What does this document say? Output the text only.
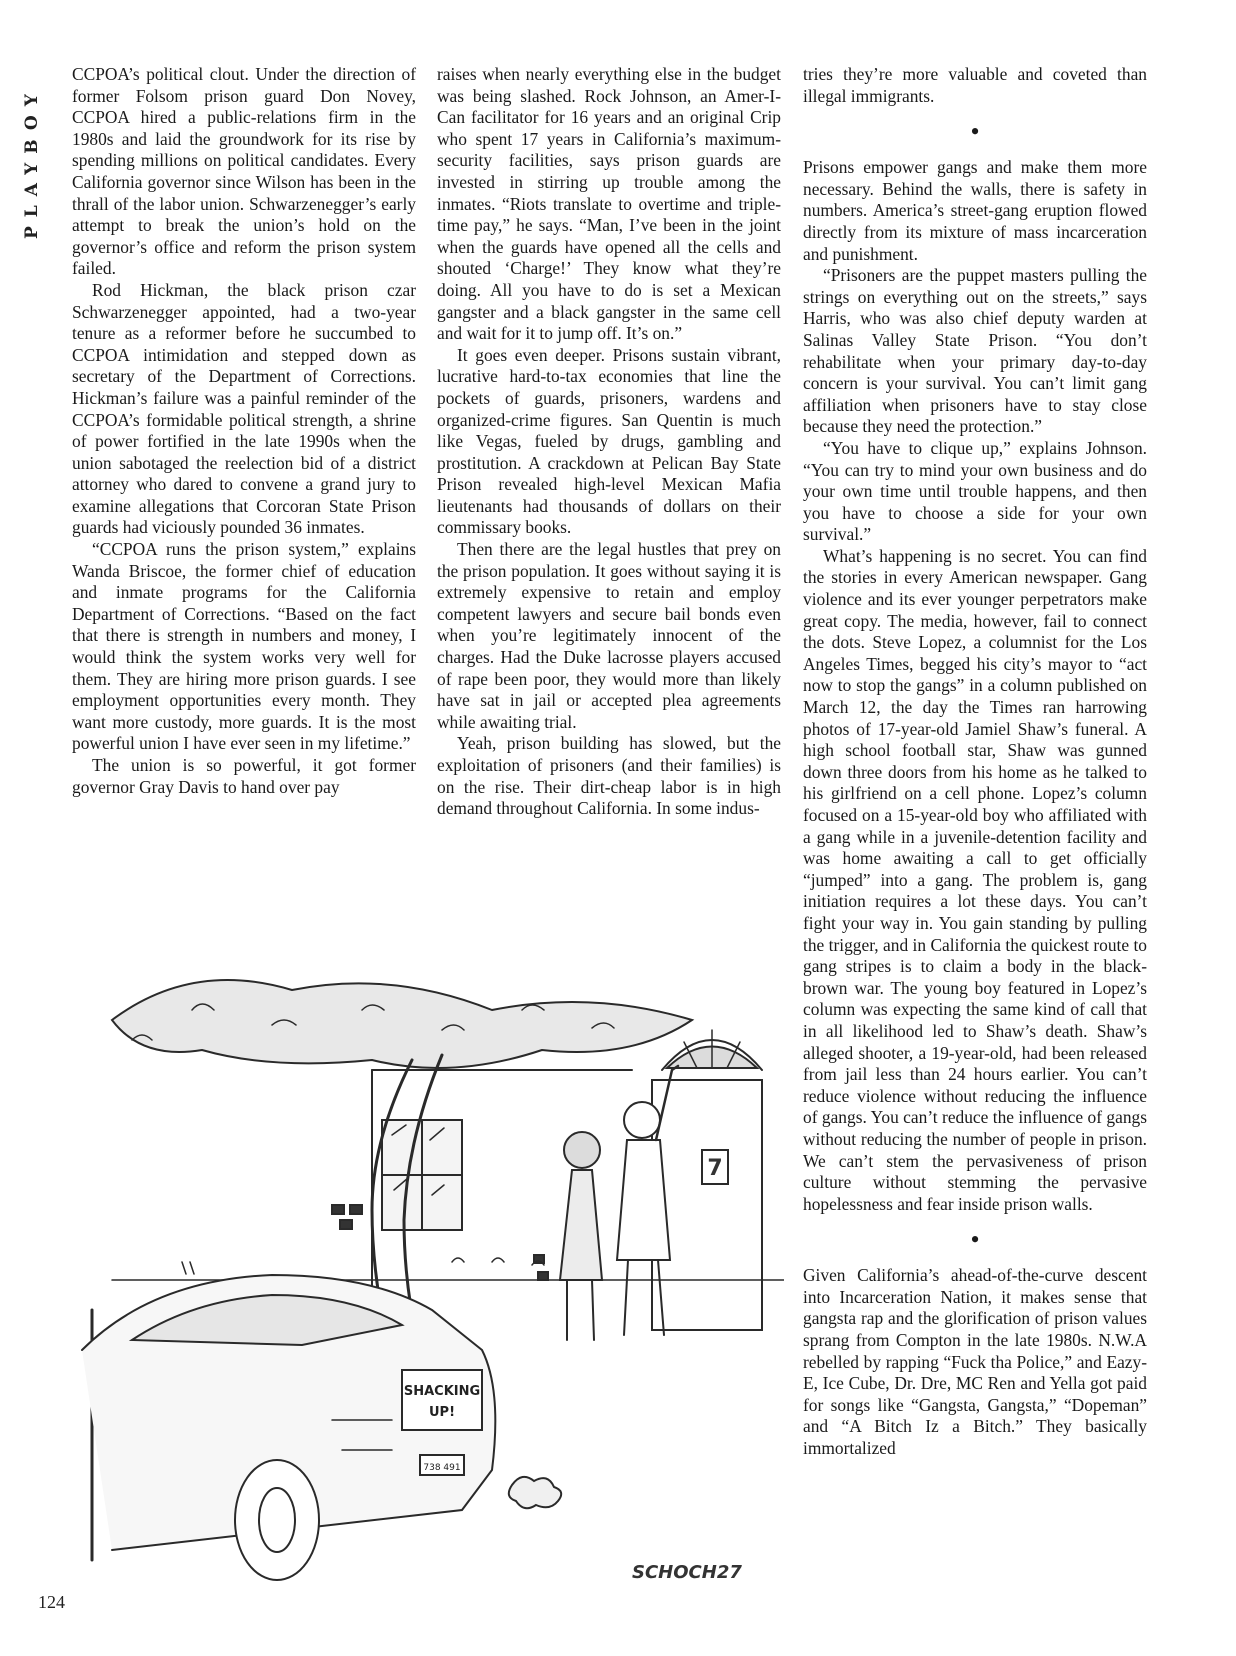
PLAYBOY

CCPOA’s political clout. Under the direction of former Folsom prison guard Don Novey, CCPOA hired a public-relations firm in the 1980s and laid the groundwork for its rise by spending millions on political candidates. Every California governor since Wilson has been in the thrall of the labor union. Schwarzenegger’s early attempt to break the union’s hold on the governor’s office and reform the prison system failed.

Rod Hickman, the black prison czar Schwarzenegger appointed, had a two-year tenure as a reformer before he succumbed to CCPOA intimidation and stepped down as secretary of the Department of Corrections. Hickman’s failure was a painful reminder of the CCPOA’s formidable political strength, a shrine of power fortified in the late 1990s when the union sabotaged the reelection bid of a district attorney who dared to convene a grand jury to examine allegations that Corcoran State Prison guards had viciously pounded 36 inmates.

“CCPOA runs the prison system,” explains Wanda Briscoe, the former chief of education and inmate programs for the California Department of Corrections. “Based on the fact that there is strength in numbers and money, I would think the system works very well for them. They are hiring more prison guards. I see employment opportunities every month. They want more custody, more guards. It is the most powerful union I have ever seen in my lifetime.”

The union is so powerful, it got former governor Gray Davis to hand over pay

raises when nearly everything else in the budget was being slashed. Rock Johnson, an Amer-I-Can facilitator for 16 years and an original Crip who spent 17 years in California’s maximum-security facilities, says prison guards are invested in stirring up trouble among the inmates. “Riots translate to overtime and triple-time pay,” he says. “Man, I’ve been in the joint when the guards have opened all the cells and shouted ‘Charge!’ They know what they’re doing. All you have to do is set a Mexican gangster and a black gangster in the same cell and wait for it to jump off. It’s on.”

It goes even deeper. Prisons sustain vibrant, lucrative hard-to-tax economies that line the pockets of guards, prisoners, wardens and organized-crime figures. San Quentin is much like Vegas, fueled by drugs, gambling and prostitution. A crackdown at Pelican Bay State Prison revealed high-level Mexican Mafia lieutenants had thousands of dollars on their commissary books.

Then there are the legal hustles that prey on the prison population. It goes without saying it is extremely expensive to retain and employ competent lawyers and secure bail bonds even when you’re legitimately innocent of the charges. Had the Duke lacrosse players accused of rape been poor, they would more than likely have sat in jail or accepted plea agreements while awaiting trial.

Yeah, prison building has slowed, but the exploitation of prisoners (and their families) is on the rise. Their dirt-cheap labor is in high demand throughout California. In some indus-

tries they’re more valuable and coveted than illegal immigrants.

•

Prisons empower gangs and make them more necessary. Behind the walls, there is safety in numbers. America’s street-gang eruption flowed directly from its mixture of mass incarceration and punishment.

“Prisoners are the puppet masters pulling the strings on everything out on the streets,” says Harris, who was also chief deputy warden at Salinas Valley State Prison. “You don’t rehabilitate when your primary day-to-day concern is your survival. You can’t limit gang affiliation when prisoners have to stay close because they need the protection.”

“You have to clique up,” explains Johnson. “You can try to mind your own business and do your own time until trouble happens, and then you have to choose a side for your own survival.”

What’s happening is no secret. You can find the stories in every American newspaper. Gang violence and its ever younger perpetrators make great copy. The media, however, fail to connect the dots. Steve Lopez, a columnist for the Los Angeles Times, begged his city’s mayor to “act now to stop the gangs” in a column published on March 12, the day the Times ran harrowing photos of 17-year-old Jamiel Shaw’s funeral. A high school football star, Shaw was gunned down three doors from his home as he talked to his girlfriend on a cell phone. Lopez’s column focused on a 15-year-old boy who affiliated with a gang while in a juvenile-detention facility and was home awaiting a call to get officially “jumped” into a gang. The problem is, gang initiation requires a lot these days. You can’t fight your way in. You gain standing by pulling the trigger, and in California the quickest route to gang stripes is to claim a body in the black-brown war. The young boy featured in Lopez’s column was expecting the same kind of call that in all likelihood led to Shaw’s death. Shaw’s alleged shooter, a 19-year-old, had been released from jail less than 24 hours earlier. You can’t reduce violence without reducing the influence of gangs. You can’t reduce the influence of gangs without reducing the number of people in prison. We can’t stem the pervasiveness of prison culture without stemming the pervasive hopelessness and fear inside prison walls.

•

Given California’s ahead-of-the-curve descent into Incarceration Nation, it makes sense that gangsta rap and the glorification of prison values sprang from Compton in the late 1980s. N.W.A rebelled by rapping “Fuck tha Police,” and Eazy-E, Ice Cube, Dr. Dre, MC Ren and Yella got paid for songs like “Gangsta, Gangsta,” “Dopeman” and “A Bitch Iz a Bitch.” They basically immortalized

7
SHACKING
UP!
738 491
SCHOCH27
124
